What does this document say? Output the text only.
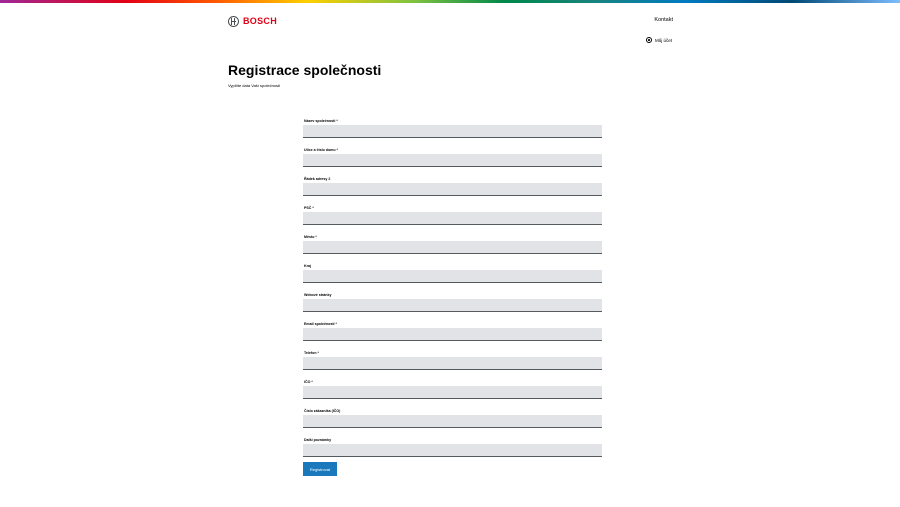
BOSCH	Kontakt
Můj účet
Registrace společnosti
Vyplňte data Vaší společnosti
Název společnosti *
Ulice a číslo domu *
Řádek adresy 2
PSČ *
Město *
Kraj
Webové stránky
Email společnosti *
Telefon *
IČO *
Číslo zákazníka (IČO)
Další poznámky
Registrovat
